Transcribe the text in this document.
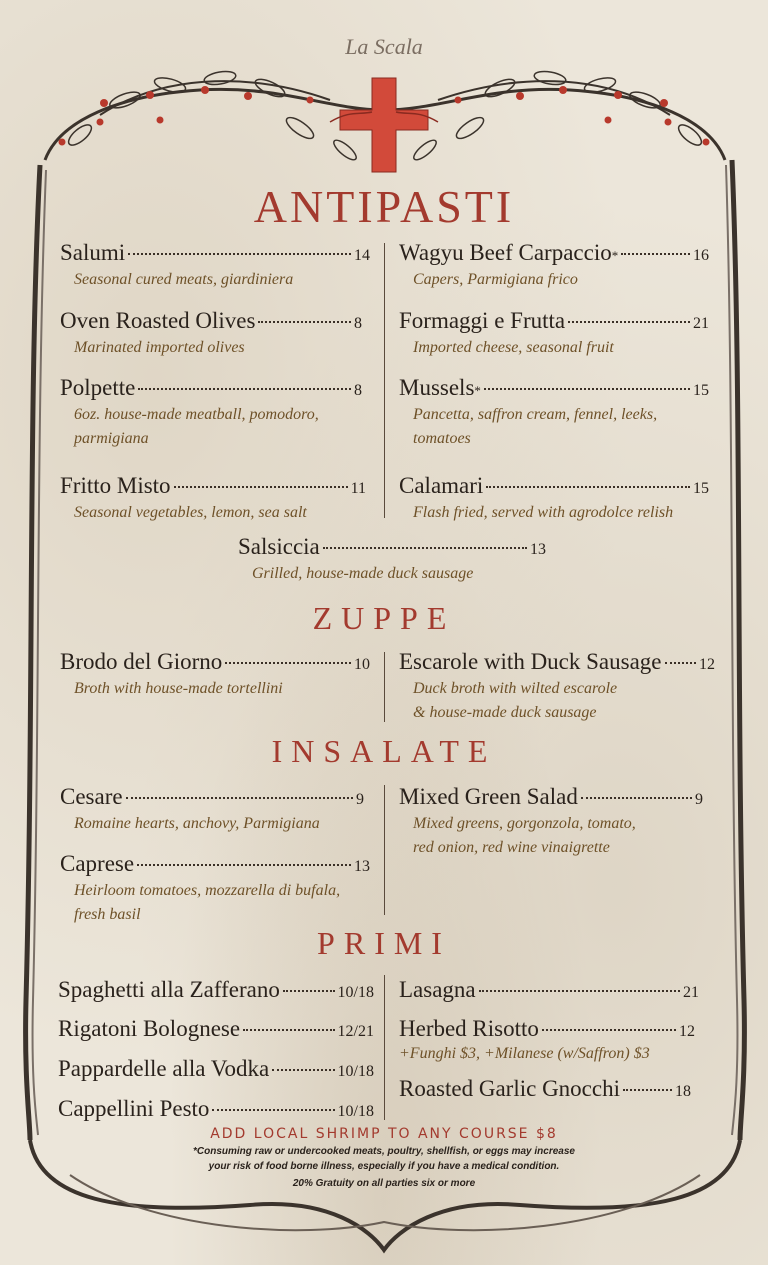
La Scala
ANTIPASTI
ZUPPE
INSALATE
PRIMI
Salumi	14
Seasonal cured meats, giardiniera
Oven Roasted Olives	8
Marinated imported olives
Polpette	8
6oz. house-made meatball, pomodoro,
parmigiana
Fritto Misto	11
Seasonal vegetables, lemon, sea salt
Wagyu Beef Carpaccio *	16
Capers, Parmigiana frico
Formaggi e Frutta	21
Imported cheese, seasonal fruit
Mussels *	15
Pancetta, saffron cream, fennel, leeks,
tomatoes
Calamari	15
Flash fried, served with agrodolce relish
Salsiccia	13
Grilled, house-made duck sausage
Brodo del Giorno	10
Broth with house-made tortellini
Escarole with Duck Sausage 12
Duck broth with wilted escarole
& house-made duck sausage
Cesare	9
Romaine hearts, anchovy, Parmigiana
Caprese	13
Heirloom tomatoes, mozzarella di bufala,
fresh basil
Mixed Green Salad	9
Mixed greens, gorgonzola, tomato,
red onion, red wine vinaigrette
Spaghetti alla Zafferano	10/18
Rigatoni Bolognese	12/21
Pappardelle alla Vodka	10/18
Cappellini Pesto	10/18
Lasagna	21
Herbed Risotto	12
+Funghi $3, +Milanese (w/Saffron) $3
Roasted Garlic Gnocchi	18
ADD LOCAL SHRIMP TO ANY COURSE $8
*Consuming raw or undercooked meats, poultry, shellfish, or eggs may increase
your risk of food borne illness, especially if you have a medical condition.
20% Gratuity on all parties six or more
